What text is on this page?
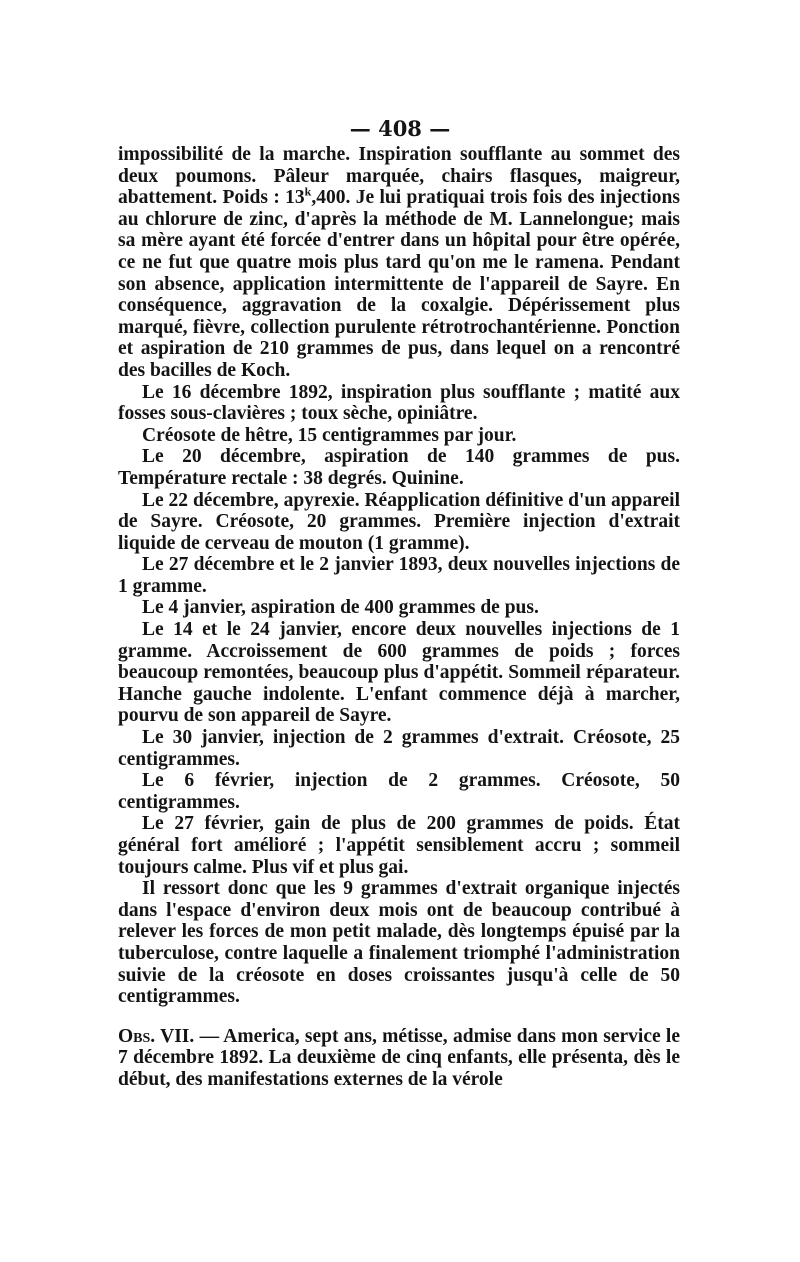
— 408 —

impossibilité de la marche. Inspiration soufflante au sommet des deux poumons. Pâleur marquée, chairs flasques, maigreur, abattement. Poids : 13$^k$,400. Je lui pratiquai trois fois des injections au chlorure de zinc, d'après la méthode de M. Lannelongue; mais sa mère ayant été forcée d'entrer dans un hôpital pour être opérée, ce ne fut que quatre mois plus tard qu'on me le ramena. Pendant son absence, application intermittente de l'appareil de Sayre. En conséquence, aggravation de la coxalgie. Dépérissement plus marqué, fièvre, collection purulente rétrotrochantérienne. Ponction et aspiration de 210 grammes de pus, dans lequel on a rencontré des bacilles de Koch.

Le 16 décembre 1892, inspiration plus soufflante ; matité aux fosses sous-clavières ; toux sèche, opiniâtre.

Créosote de hêtre, 15 centigrammes par jour.

Le 20 décembre, aspiration de 140 grammes de pus. Température rectale : 38 degrés. Quinine.

Le 22 décembre, apyrexie. Réapplication définitive d'un appareil de Sayre. Créosote, 20 grammes. Première injection d'extrait liquide de cerveau de mouton (1 gramme).

Le 27 décembre et le 2 janvier 1893, deux nouvelles injections de 1 gramme.

Le 4 janvier, aspiration de 400 grammes de pus.

Le 14 et le 24 janvier, encore deux nouvelles injections de 1 gramme. Accroissement de 600 grammes de poids ; forces beaucoup remontées, beaucoup plus d'appétit. Sommeil réparateur. Hanche gauche indolente. L'enfant commence déjà à marcher, pourvu de son appareil de Sayre.

Le 30 janvier, injection de 2 grammes d'extrait. Créosote, 25 centigrammes.

Le 6 février, injection de 2 grammes. Créosote, 50 centigrammes.

Le 27 février, gain de plus de 200 grammes de poids. État général fort amélioré ; l'appétit sensiblement accru ; sommeil toujours calme. Plus vif et plus gai.

Il ressort donc que les 9 grammes d'extrait organique injectés dans l'espace d'environ deux mois ont de beaucoup contribué à relever les forces de mon petit malade, dès longtemps épuisé par la tuberculose, contre laquelle a finalement triomphé l'administration suivie de la créosote en doses croissantes jusqu'à celle de 50 centigrammes.

Obs. VII. — America, sept ans, métisse, admise dans mon service le 7 décembre 1892. La deuxième de cinq enfants, elle présenta, dès le début, des manifestations externes de la vérole
